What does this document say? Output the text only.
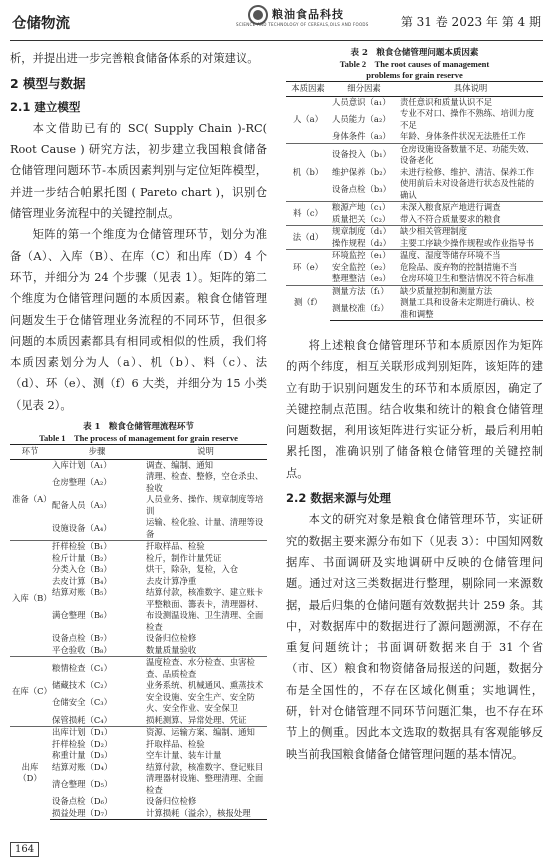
仓储物流
粮油食品科技
SCIENCE AND TECHNOLOGY OF CEREALS,OILS AND FOODS	第 31 卷 2023 年 第 4 期

析，并提出进一步完善粮食储备体系的对策建议。

2 模型与数据
2.1 建立模型

本文借助已有的 SC( Supply Chain )-RC( Root Cause ) 研究方法，初步建立我国粮食储备仓储管理问题环节-本质因素判别与定位矩阵模型，并进一步结合帕累托图 ( Pareto chart )，识别仓储管理业务流程中的关键控制点。

矩阵的第一个维度为仓储管理环节，划分为准备（A）、入库（B）、在库（C）和出库（D）4 个环节，并细分为 24 个步骤（见表 1）。矩阵的第二个维度为仓储管理问题的本质因素。粮食仓储管理问题发生于仓储管理业务流程的不同环节，但很多问题的本质因素都具有相同或相似的性质，我们将本质因素划分为人（a）、机（b）、料（c）、法（d）、环（e）、测（f）6 大类，并细分为 15 小类（见表 2）。

表 1　粮食仓储管理流程环节
Table 1　The process of management for grain reserve
环节	步骤	说明
准备（A）	入库计划（A₁）	调查、编制、通知
	仓房整理（A₂）	清理、检查、整修，空仓杀虫、验收
	配备人员（A₃）	人员业务、操作、规章制度等培训
	设施设备（A₄）	运输、检化验、计量、清理等设备
入库（B）	扦样检验（B₁）	扦取样品、检验
	检斤计量（B₂）	检斤，制作计量凭证
	分类入仓（B₃）	烘干，除杂，复检，入仓
	去皮计算（B₄）	去皮计算净重
	结算对账（B₅）	结算付款，核准数字、建立账卡
	满仓整理（B₆）	平整粮面、籌表卡，清理器材、布设测温设施、卫生清理、全面检查
	设备点检（B₇）	设备归位检修
	平仓验收（B₈）	数量质量验收
在库（C）	粮情检查（C₁）	温度检查、水分检查、虫害检查、品质检查
	储藏技术（C₂）	业务系统、机械通风、熏蒸技术
	仓储安全（C₃）	安全设施、安全生产、安全防火、安全作业、安全保卫
	保管损耗（C₄）	损耗测算、异常处理、凭证
出库（D）	出库计划（D₁）	资源、运输方案、编制、通知
	扦样检验（D₂）	扦取样品、检验
	称重计量（D₃）	空车计量、装车计量
	结算对账（D₄）	结算付款，核准数字、登记账目
	清仓整理（D₅）	清理器材设施、整理清理、全面检查
	设备点检（D₆）	设备归位检修
	损益处理（D₇）	计算损耗（溢余），核报处理
表 2　粮食仓储管理问题本质因素
Table 2　The root causes of management
problems for grain reserve
本质因素	细分因素	具体说明
人（a）	人员意识（a₁）	责任意识和质量认识不足
	人员能力（a₂）	专业不对口、操作不熟练、培训力度不足
	身体条件（a₃）	年龄、身体条件状况无法胜任工作
机（b）	设备投入（b₁）	仓房设施设备数量不足、功能失效、设备老化
	维护保养（b₂）	未进行检修、维护、清洁、保养工作
	设备点检（b₃）	使用前后未对设备进行状态及性能的确认
料（c）	粮源产地（c₁）	未深入粮食原产地进行调查
	质量把关（c₂）	带入不符合质量要求的粮食
法（d）	规章制度（d₁）	缺少相关管理制度
	操作规程（d₂）	主要工序缺少操作规程或作业指导书
环（e）	环境监控（e₁）	温度、湿度等储存环境不当
	安全监控（e₂）	危险品、废弃物的控制措施不当
	整理整洁（e₃）	仓房环境卫生和整洁情况不符合标准
测（f）	测量方法（f₁）	缺少质量控制和测量方法
	测量校准（f₂）	测量工具和设备未定期进行确认、校准和调整

将上述粮食仓储管理环节和本质原因作为矩阵的两个纬度，相互关联形成判别矩阵，该矩阵的建立有助于识别问题发生的环节和本质原因，确定了关键控制点范围。结合收集和统计的粮食仓储管理问题数据，利用该矩阵进行实证分析，最后利用帕累托图，准确识别了储备粮仓储管理的关键控制点。

2.2 数据来源与处理

本文的研究对象是粮食仓储管理环节，实证研究的数据主要来源分布如下（见表 3）：中国知网数据库、书面调研及实地调研中反映的仓储管理问题。通过对这三类数据进行整理，剔除同一来源数据，最后归集的仓储问题有效数据共计 259 条。其中，对数据库中的数据进行了源问题溯源，不存在重复问题统计；书面调研数据来自于 31 个省（市、区）粮食和物资储备局报送的问题，数据分布是全国性的，不存在区域化侧重；实地调性，研，针对仓储管理不同环节问题汇集，也不存在环节上的侧重。因此本文选取的数据具有客观能够反映当前我国粮食储备仓储管理问题的基本情况。

164
